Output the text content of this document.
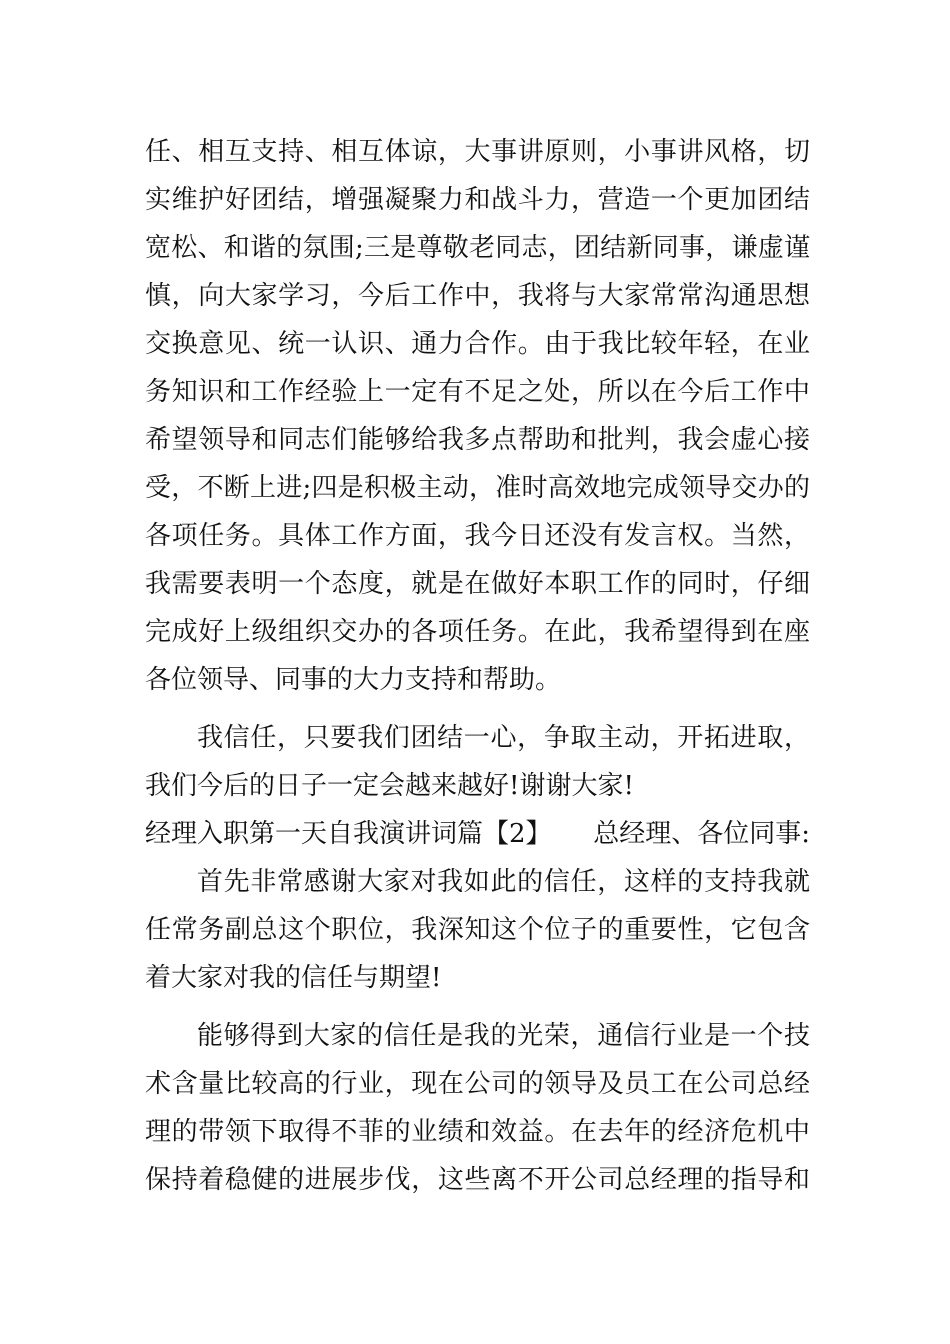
任、相互支持、相互体谅，大事讲原则，小事讲风格，切
实维护好团结，增强凝聚力和战斗力，营造一个更加团结
宽松、和谐的氛围;三是尊敬老同志，团结新同事，谦虚谨
慎，向大家学习，今后工作中，我将与大家常常沟通思想
交换意见、统一认识、通力合作。由于我比较年轻，在业
务知识和工作经验上一定有不足之处，所以在今后工作中
希望领导和同志们能够给我多点帮助和批判，我会虚心接
受，不断上进;四是积极主动，准时高效地完成领导交办的
各项任务。具体工作方面，我今日还没有发言权。当然，
我需要表明一个态度，就是在做好本职工作的同时，仔细
完成好上级组织交办的各项任务。在此，我希望得到在座
各位领导、同事的大力支持和帮助。
我信任，只要我们团结一心，争取主动，开拓进取，
我们今后的日子一定会越来越好!谢谢大家!
经理入职第一天自我演讲词篇【2】 总经理、各位同事:
首先非常感谢大家对我如此的信任，这样的支持我就
任常务副总这个职位，我深知这个位子的重要性，它包含
着大家对我的信任与期望!
能够得到大家的信任是我的光荣，通信行业是一个技
术含量比较高的行业，现在公司的领导及员工在公司总经
理的带领下取得不菲的业绩和效益。在去年的经济危机中
保持着稳健的进展步伐，这些离不开公司总经理的指导和
